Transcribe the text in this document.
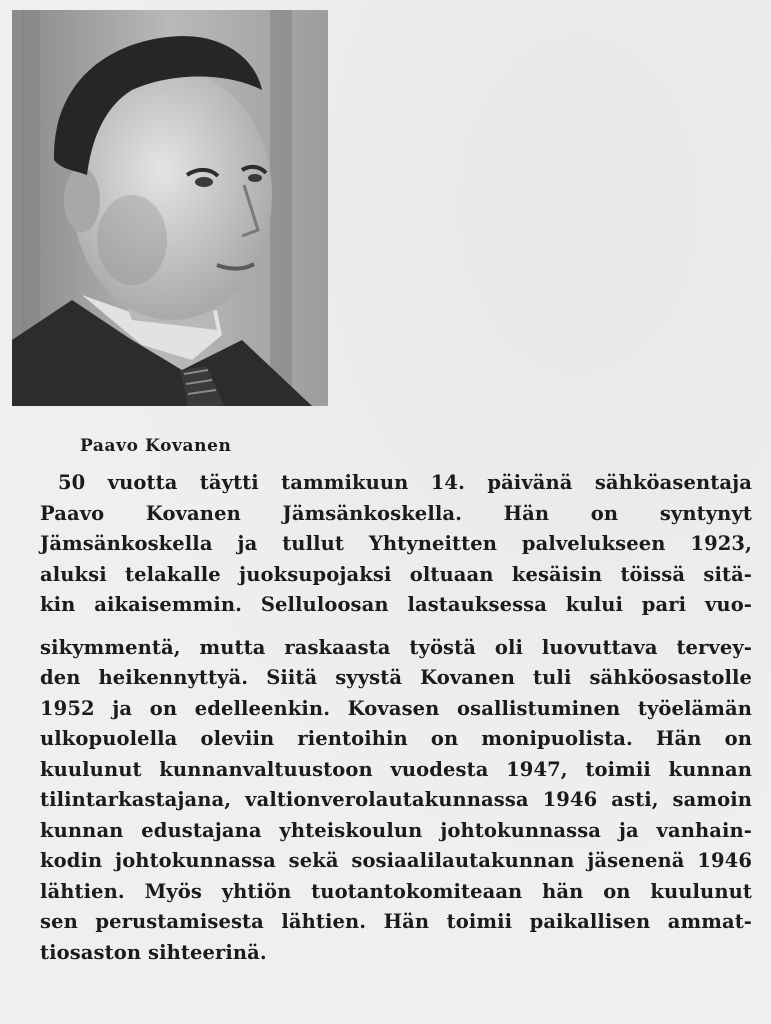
Paavo Kovanen
50 vuotta täytti tammikuun 14. päivänä sähköasentaja
Paavo Kovanen Jämsänkoskella. Hän on syntynyt
Jämsänkoskella ja tullut Yhtyneitten palvelukseen 1923,
aluksi telakalle juoksupojaksi oltuaan kesäisin töissä sitä-
kin aikaisemmin. Selluloosan lastauksessa kului pari vuo-
sikymmentä, mutta raskaasta työstä oli luovuttava tervey-
den heikennyttyä. Siitä syystä Kovanen tuli sähköosastolle
1952 ja on edelleenkin. Kovasen osallistuminen työelämän
ulkopuolella oleviin rientoihin on monipuolista. Hän on
kuulunut kunnanvaltuustoon vuodesta 1947, toimii kunnan
tilintarkastajana, valtionverolautakunnassa 1946 asti, samoin
kunnan edustajana yhteiskoulun johtokunnassa ja vanhain-
kodin johtokunnassa sekä sosiaalilautakunnan jäsenenä 1946
lähtien. Myös yhtiön tuotantokomiteaan hän on kuulunut
sen perustamisesta lähtien. Hän toimii paikallisen ammat-
tiosaston sihteerinä.
